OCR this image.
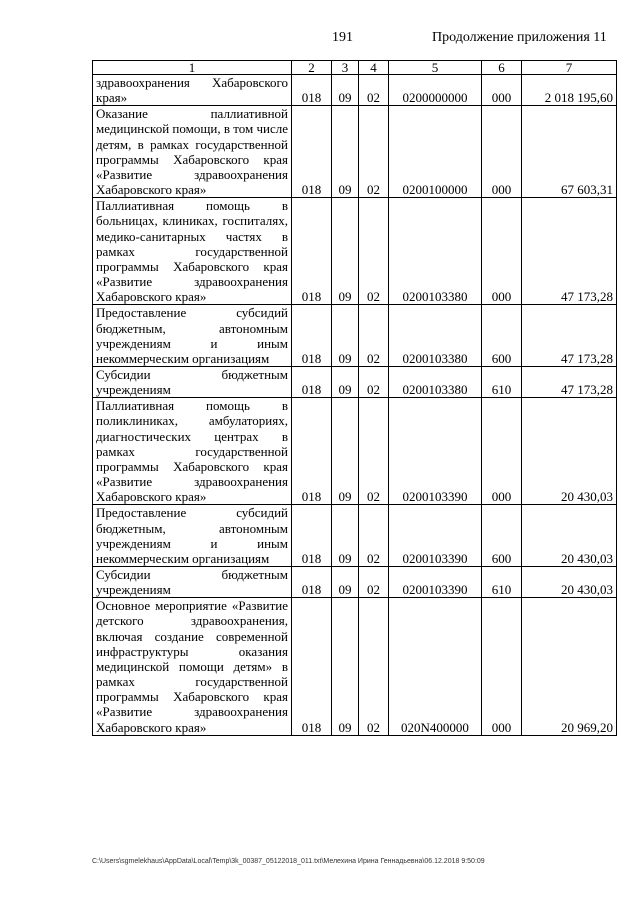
191	Продолжение приложения 11
1	2	3	4	5	6	7
здравоохранения Хабаровского края»	018	09	02	0200000000	000	2 018 195,60
Оказание паллиативной медицинской помощи, в том числе детям, в рамках государственной программы Хабаровского края «Развитие здравоохранения Хабаровского края»	018	09	02	0200100000	000	67 603,31
Паллиативная помощь в больницах, клиниках, госпиталях, медико-санитарных частях в рамках государственной программы Хабаровского края «Развитие здравоохранения Хабаровского края»	018	09	02	0200103380	000	47 173,28
Предоставление субсидий бюджетным, автономным учреждениям и иным некоммерческим организациям	018	09	02	0200103380	600	47 173,28
Субсидии бюджетным учреждениям	018	09	02	0200103380	610	47 173,28
Паллиативная помощь в поликлиниках, амбулаториях, диагностических центрах в рамках государственной программы Хабаровского края «Развитие здравоохранения Хабаровского края»	018	09	02	0200103390	000	20 430,03
Предоставление субсидий бюджетным, автономным учреждениям и иным некоммерческим организациям	018	09	02	0200103390	600	20 430,03
Субсидии бюджетным учреждениям	018	09	02	0200103390	610	20 430,03
Основное мероприятие «Развитие детского здравоохранения, включая создание современной инфраструктуры оказания медицинской помощи детям» в рамках государственной программы Хабаровского края «Развитие здравоохранения Хабаровского края»	018	09	02	020N400000	000	20 969,20
C:\Users\sgmelekhaus\AppData\Local\Temp\3k_00387_05122018_011.txt\Мелехина Ирина Геннадьевна\06.12.2018 9:50:09
